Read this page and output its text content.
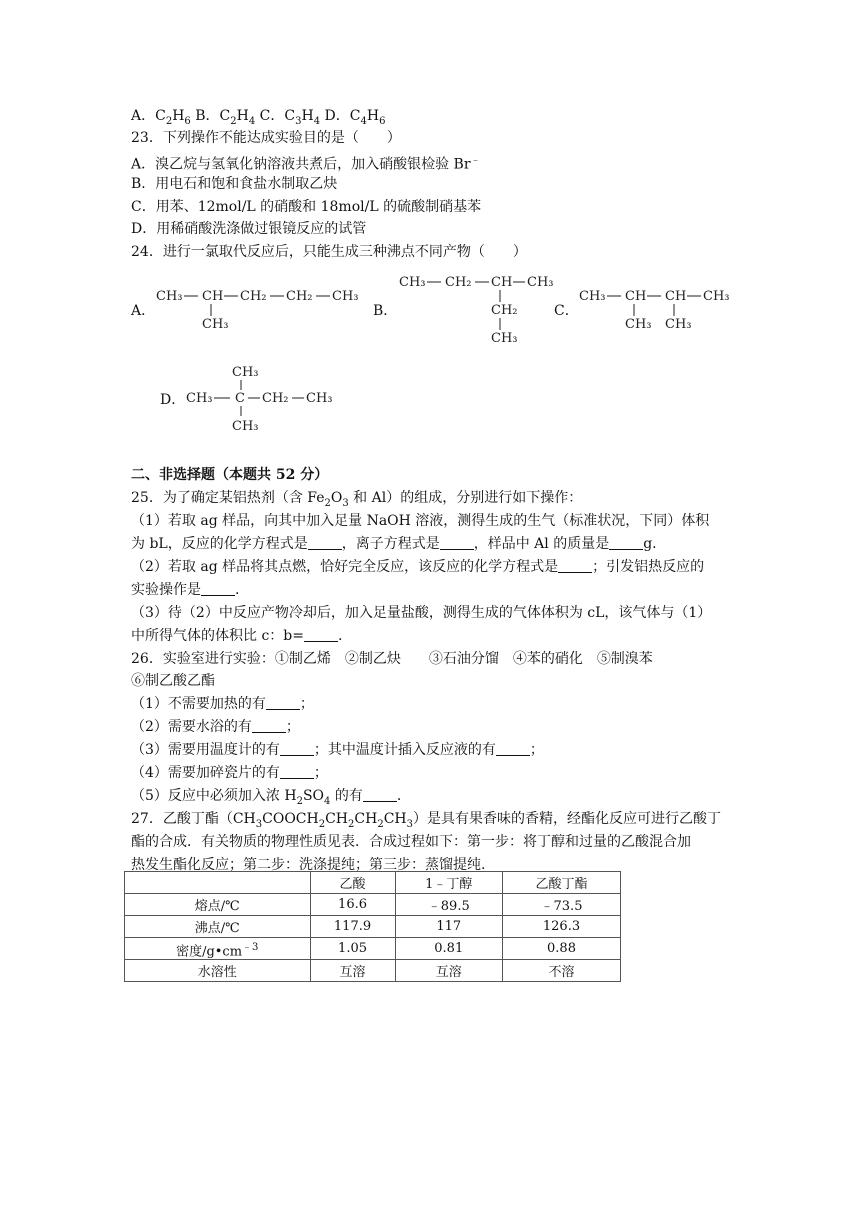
A．$C_2H_6$ B．$C_2H_4$ C．$C_3H_4$ D．$C_4H_6$
23．下列操作不能达成实验目的是（　　）
A．溴乙烷与氢氧化钠溶液共煮后，加入硝酸银检验 Br﹣
B．用电石和饱和食盐水制取乙炔
C．用苯、12mol/L 的硝酸和 18mol/L 的硫酸制硝基苯
D．用稀硝酸洗涤做过银镜反应的试管
24．进行一氯取代反应后，只能生成三种沸点不同产物（　　）
A．
CH₃ CH CH₂ CH₂ CH₃
CH₃
B．
CH₃ CH₂ CH CH₃
CH₂
CH₃
C．
CH₃ CH CH CH₃
CH₃ CH₃
D．
CH₃
CH₃ C CH₂ CH₃
CH₃
二、非选择题（本题共 52 分）
25．为了确定某铝热剂（含 $Fe_2O_3$ 和 Al）的组成，分别进行如下操作：
（1）若取 ag 样品，向其中加入足量 NaOH 溶液，测得生成的生气（标准状况，下同）体积
为 bL，反应的化学方程式是 ，离子方程式是 ，样品中 Al 的质量是 g.
（2）若取 ag 样品将其点燃，恰好完全反应，该反应的化学方程式是 ；引发铝热反应的
实验操作是 .
（3）待（2）中反应产物冷却后，加入足量盐酸，测得生成的气体体积为 cL，该气体与（1）
中所得气体的体积比 c：b= .
26．实验室进行实验：①制乙烯　②制乙炔　　③石油分馏　④苯的硝化　⑤制溴苯
⑥制乙酸乙酯
（1）不需要加热的有 ；
（2）需要水浴的有 ；
（3）需要用温度计的有 ；其中温度计插入反应液的有 ；
（4）需要加碎瓷片的有 ；
（5）反应中必须加入浓 $H_2SO_4$ 的有 .
27．乙酸丁酯$(CH_3COOCH_2CH_2CH_2CH_3)$是具有果香味的香精，经酯化反应可进行乙酸丁
酯的合成．有关物质的物理性质见表．合成过程如下：第一步：将丁醇和过量的乙酸混合加
热发生酯化反应；第二步：洗涤提纯；第三步：蒸馏提纯.
	乙酸	1﹣丁醇	乙酸丁酯
熔点/℃	16.6	﹣89.5	﹣73.5
沸点/℃	117.9	117	126.3
密度$/g•cm^{﹣3}$	1.05	0.81	0.88
水溶性	互溶	互溶	不溶
